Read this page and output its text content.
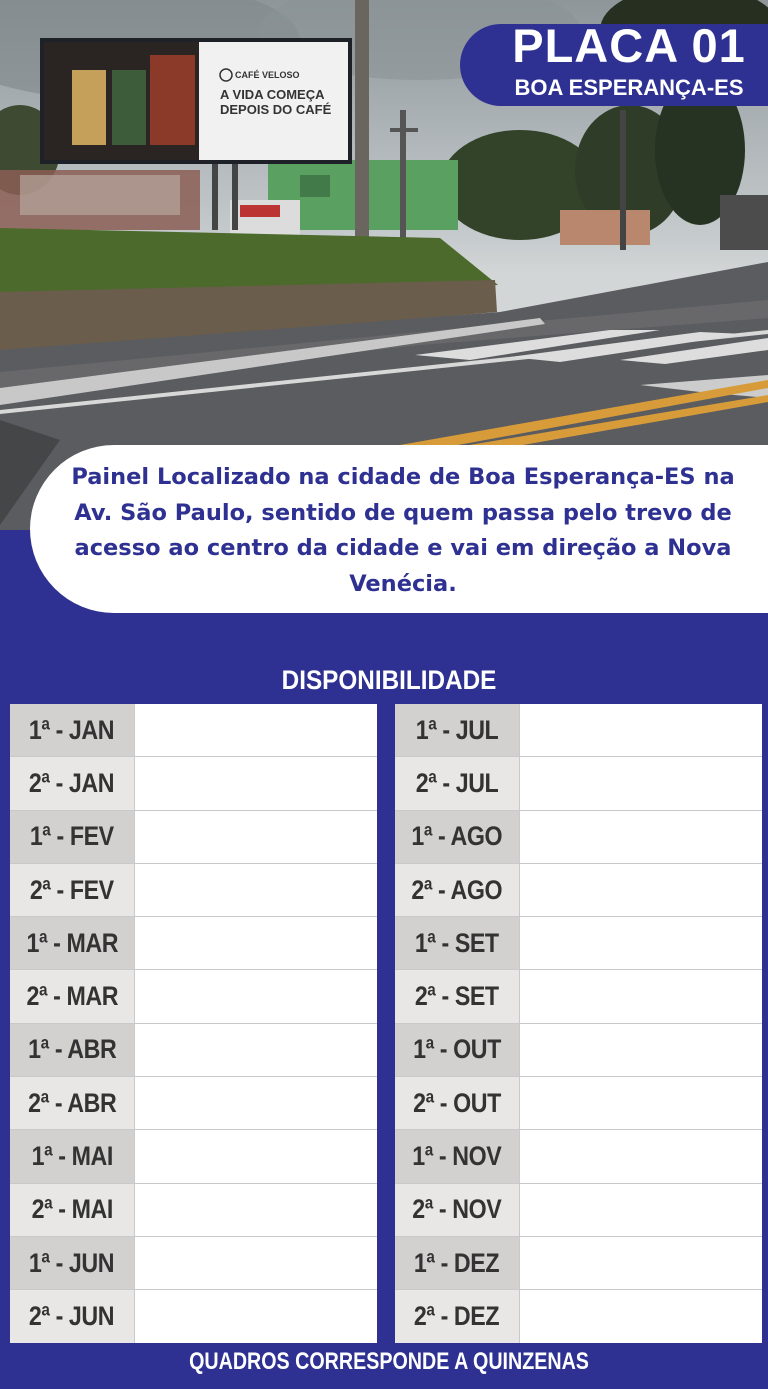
CAFÉ VELOSO
A VIDA COMEÇA
DEPOIS DO CAFÉ
PLACA 01
BOA ESPERANÇA-ES
Painel Localizado na cidade de Boa Esperança-ES na Av. São Paulo, sentido de quem passa pelo trevo de acesso ao centro da cidade e vai em direção a Nova Venécia.
DISPONIBILIDADE
1ª - JAN
2ª - JAN
1ª - FEV
2ª - FEV
1ª - MAR
2ª - MAR
1ª - ABR
2ª - ABR
1ª - MAI
2ª - MAI
1ª - JUN
2ª - JUN
1ª - JUL
2ª - JUL
1ª - AGO
2ª - AGO
1ª - SET
2ª - SET
1ª - OUT
2ª - OUT
1ª - NOV
2ª - NOV
1ª - DEZ
2ª - DEZ
QUADROS CORRESPONDE A QUINZENAS
